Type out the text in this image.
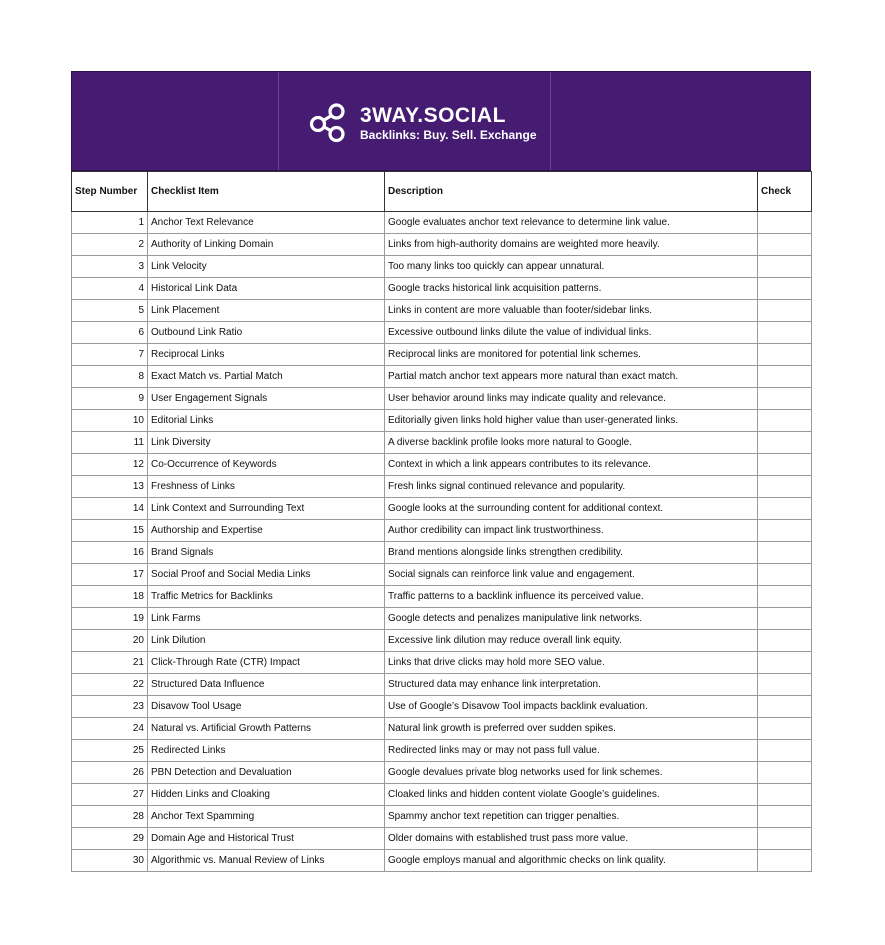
3WAY.SOCIAL
Backlinks: Buy. Sell. Exchange
Step Number	Checklist Item	Description	Check
1	Anchor Text Relevance	Google evaluates anchor text relevance to determine link value.	
2	Authority of Linking Domain	Links from high-authority domains are weighted more heavily.	
3	Link Velocity	Too many links too quickly can appear unnatural.	
4	Historical Link Data	Google tracks historical link acquisition patterns.	
5	Link Placement	Links in content are more valuable than footer/sidebar links.	
6	Outbound Link Ratio	Excessive outbound links dilute the value of individual links.	
7	Reciprocal Links	Reciprocal links are monitored for potential link schemes.	
8	Exact Match vs. Partial Match	Partial match anchor text appears more natural than exact match.	
9	User Engagement Signals	User behavior around links may indicate quality and relevance.	
10	Editorial Links	Editorially given links hold higher value than user-generated links.	
11	Link Diversity	A diverse backlink profile looks more natural to Google.	
12	Co-Occurrence of Keywords	Context in which a link appears contributes to its relevance.	
13	Freshness of Links	Fresh links signal continued relevance and popularity.	
14	Link Context and Surrounding Text	Google looks at the surrounding content for additional context.	
15	Authorship and Expertise	Author credibility can impact link trustworthiness.	
16	Brand Signals	Brand mentions alongside links strengthen credibility.	
17	Social Proof and Social Media Links	Social signals can reinforce link value and engagement.	
18	Traffic Metrics for Backlinks	Traffic patterns to a backlink influence its perceived value.	
19	Link Farms	Google detects and penalizes manipulative link networks.	
20	Link Dilution	Excessive link dilution may reduce overall link equity.	
21	Click-Through Rate (CTR) Impact	Links that drive clicks may hold more SEO value.	
22	Structured Data Influence	Structured data may enhance link interpretation.	
23	Disavow Tool Usage	Use of Google’s Disavow Tool impacts backlink evaluation.	
24	Natural vs. Artificial Growth Patterns	Natural link growth is preferred over sudden spikes.	
25	Redirected Links	Redirected links may or may not pass full value.	
26	PBN Detection and Devaluation	Google devalues private blog networks used for link schemes.	
27	Hidden Links and Cloaking	Cloaked links and hidden content violate Google’s guidelines.	
28	Anchor Text Spamming	Spammy anchor text repetition can trigger penalties.	
29	Domain Age and Historical Trust	Older domains with established trust pass more value.	
30	Algorithmic vs. Manual Review of Links	Google employs manual and algorithmic checks on link quality.	
